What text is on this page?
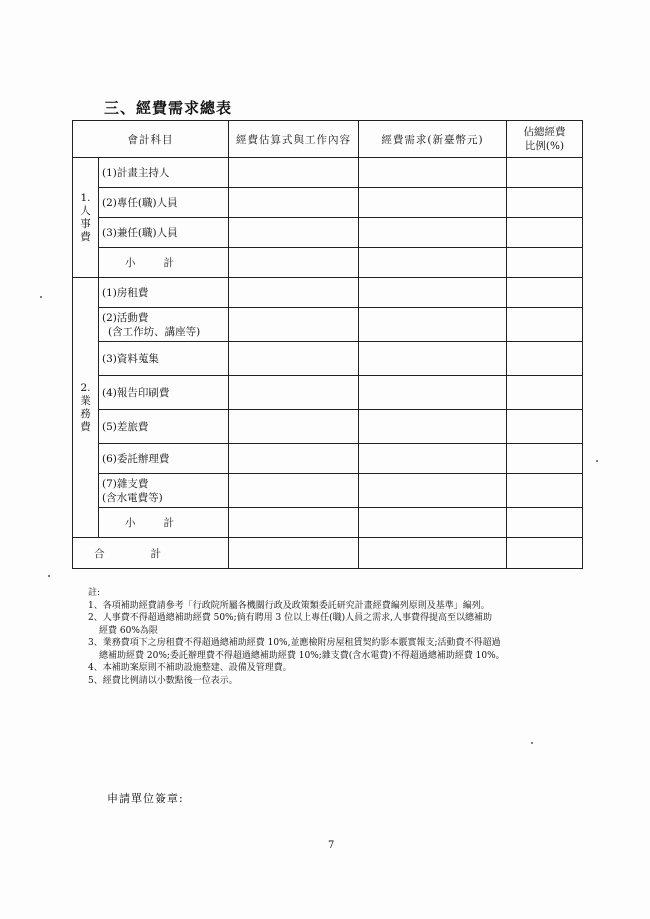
三、經費需求總表
會計科目		經費估算式與工作內容	經費需求(新臺幣元)	佔總經費
比例(%)
1.
人
事
費	(1)計畫主持人			
	(2)專任(職)人員			
	(3)兼任(職)人員			
	小計			
2.
業
務
費	(1)房租費			
	(2)活動費
(含工作坊、講座等)			
	(3)資料蒐集			
	(4)報告印刷費			
	(5)差旅費			
	(6)委託辦理費			
	(7)雜支費
(含水電費等)			
	小計			
合計				

註:

1、各項補助經費請參考「行政院所屬各機關行政及政策類委託研究計畫經費編列原則及基準」編列。

2、人事費不得超過總補助經費 50%;倘有聘用 3 位以上專任(職)人員之需求,人事費得提高至以總補助

經費 60%為限

3、業務費項下之房租費不得超過總補助經費 10%,並應檢附房屋租賃契約影本覈實報支;活動費不得超過

總補助經費 20%;委託辦理費不得超過總補助經費 10%;雜支費(含水電費)不得超過總補助經費 10%。

4、本補助案原則不補助設施整建、設備及管理費。

5、經費比例請以小數點後一位表示。

申請單位簽章:
7
